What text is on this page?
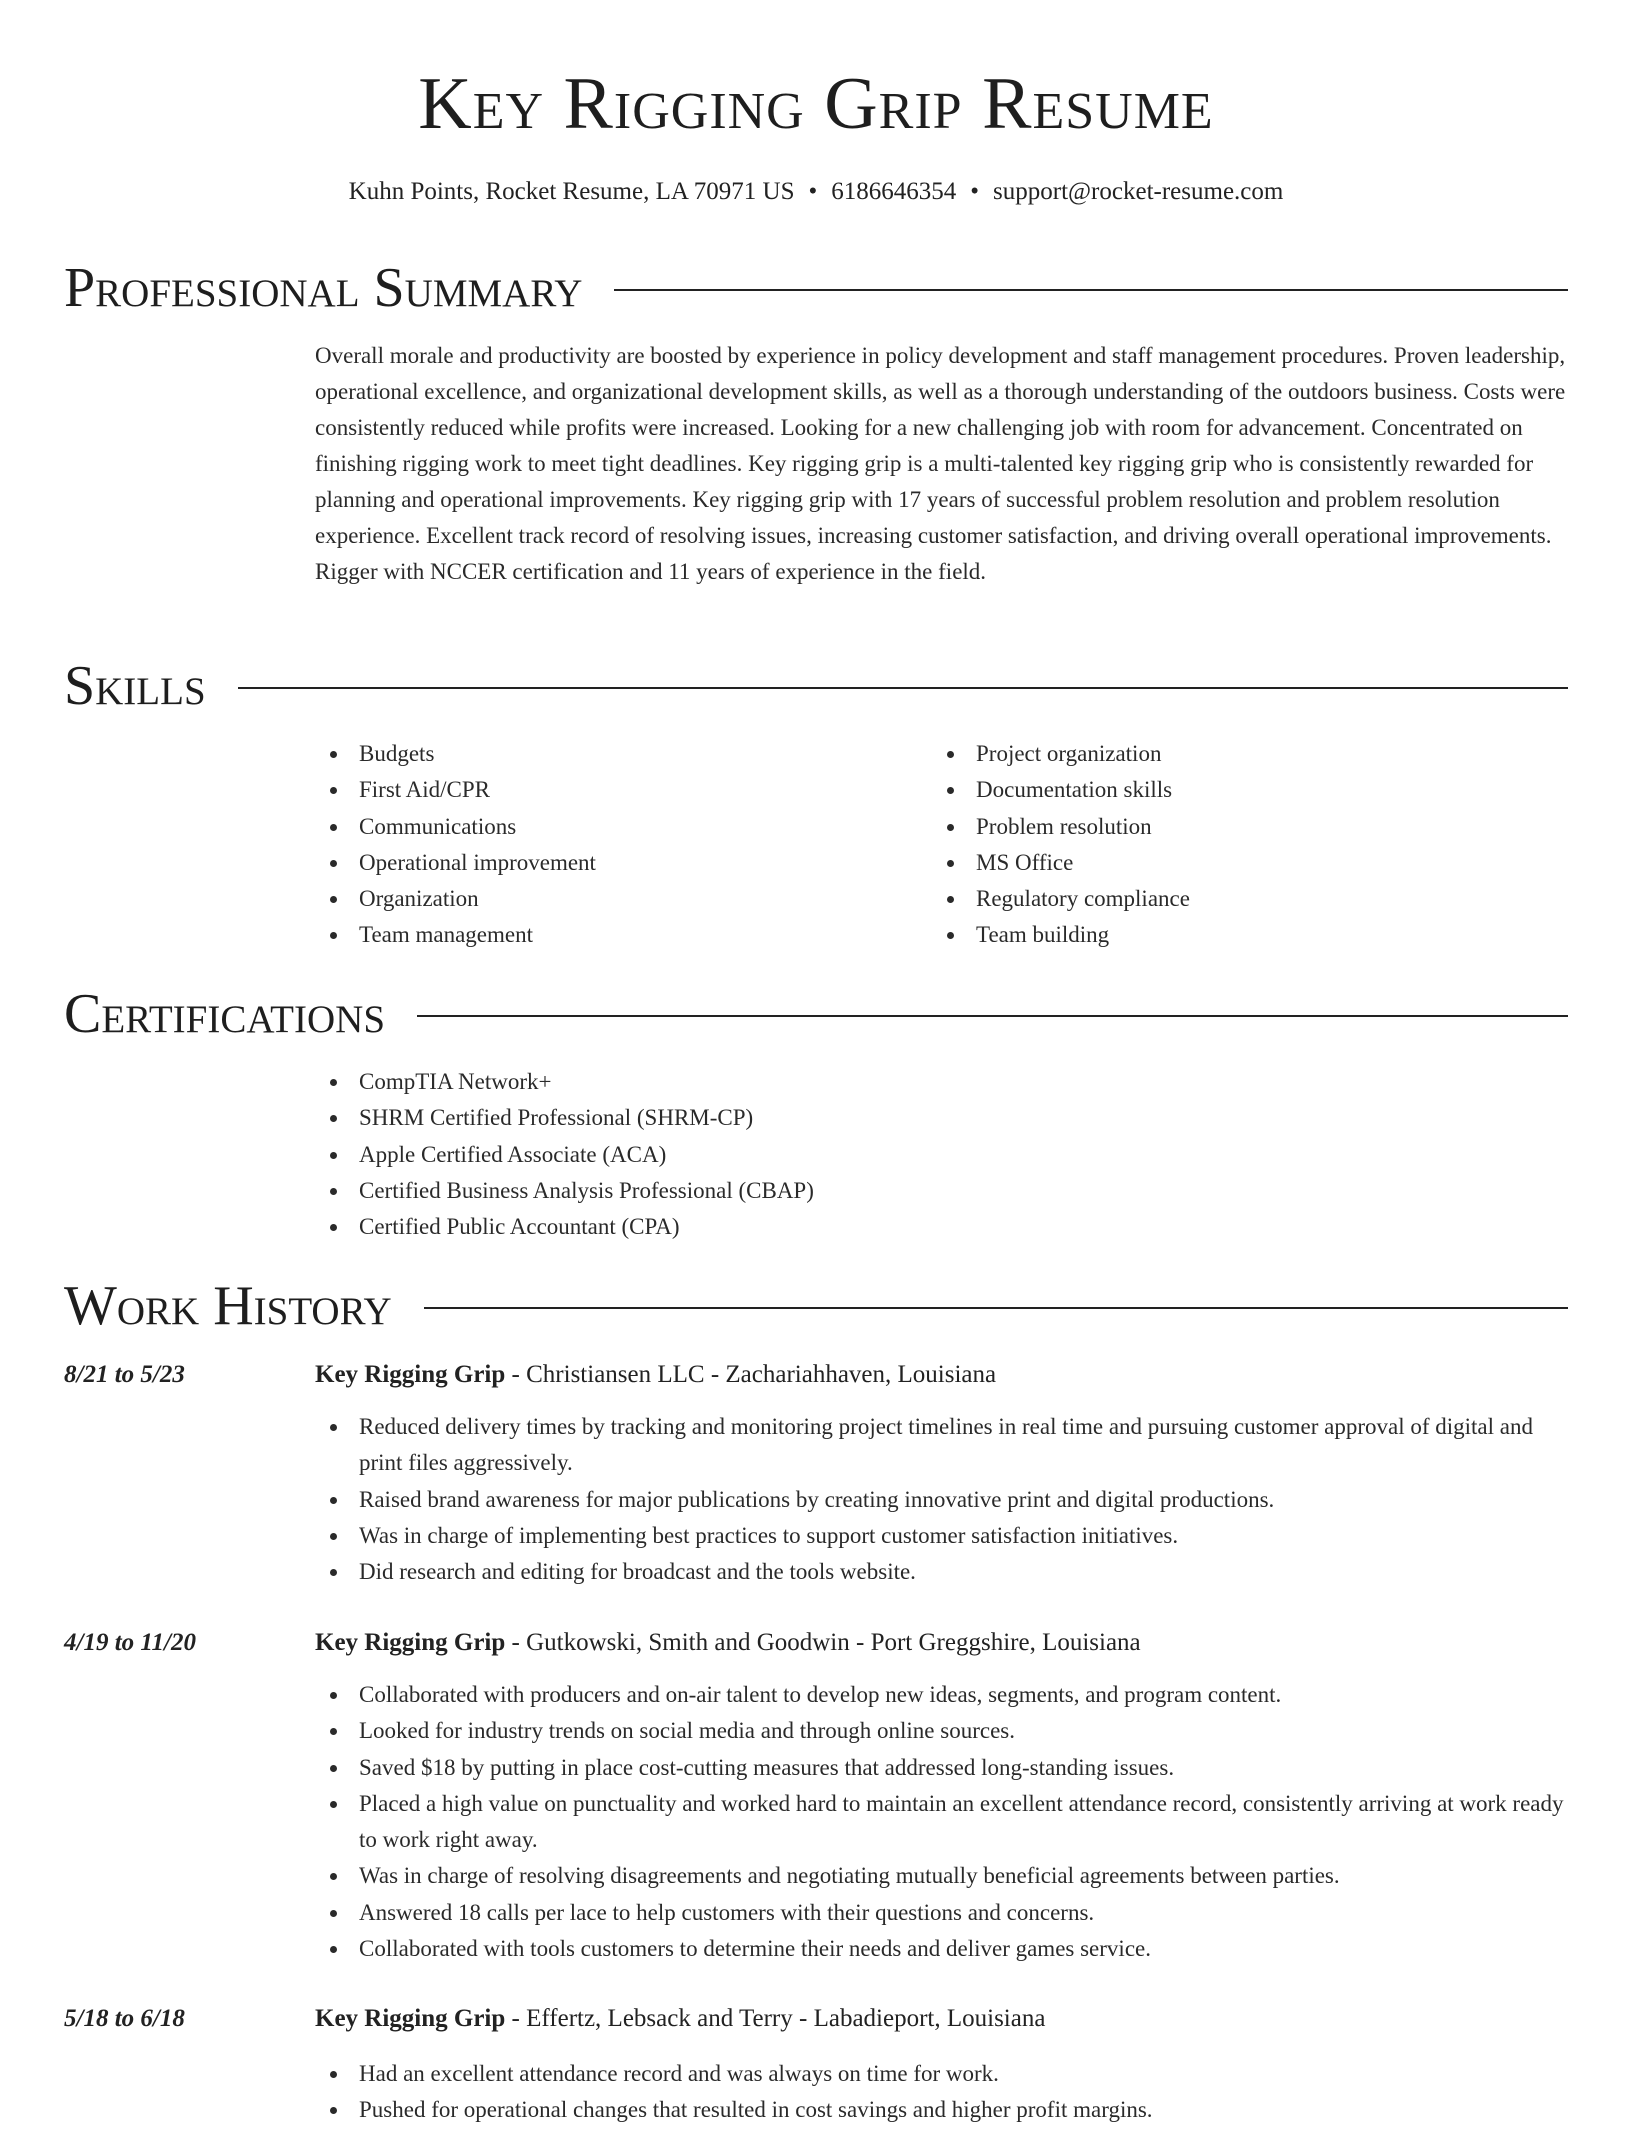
Key Rigging Grip Resume
Kuhn Points, Rocket Resume, LA 70971 US • 6186646354 • support@rocket-resume.com
Professional Summary

Overall morale and productivity are boosted by experience in policy development and staff management procedures. Proven leadership, operational excellence, and organizational development skills, as well as a thorough understanding of the outdoors business. Costs were consistently reduced while profits were increased. Looking for a new challenging job with room for advancement. Concentrated on finishing rigging work to meet tight deadlines. Key rigging grip is a multi-talented key rigging grip who is consistently rewarded for planning and operational improvements. Key rigging grip with 17 years of successful problem resolution and problem resolution experience. Excellent track record of resolving issues, increasing customer satisfaction, and driving overall operational improvements. Rigger with NCCER certification and 11 years of experience in the field.

Skills
Budgets
First Aid/CPR
Communications
Operational improvement
Organization
Team management
Project organization
Documentation skills
Problem resolution
MS Office
Regulatory compliance
Team building
Certifications
CompTIA Network+
SHRM Certified Professional (SHRM-CP)
Apple Certified Associate (ACA)
Certified Business Analysis Professional (CBAP)
Certified Public Accountant (CPA)
Work History
8/21 to 5/23	Key Rigging Grip - Christiansen LLC - Zachariahhaven, Louisiana
Reduced delivery times by tracking and monitoring project timelines in real time and pursuing customer approval of digital and print files aggressively.
Raised brand awareness for major publications by creating innovative print and digital productions.
Was in charge of implementing best practices to support customer satisfaction initiatives.
Did research and editing for broadcast and the tools website.
4/19 to 11/20	Key Rigging Grip - Gutkowski, Smith and Goodwin - Port Greggshire, Louisiana
Collaborated with producers and on-air talent to develop new ideas, segments, and program content.
Looked for industry trends on social media and through online sources.
Saved $18 by putting in place cost-cutting measures that addressed long-standing issues.
Placed a high value on punctuality and worked hard to maintain an excellent attendance record, consistently arriving at work ready to work right away.
Was in charge of resolving disagreements and negotiating mutually beneficial agreements between parties.
Answered 18 calls per lace to help customers with their questions and concerns.
Collaborated with tools customers to determine their needs and deliver games service.
5/18 to 6/18	Key Rigging Grip - Effertz, Lebsack and Terry - Labadieport, Louisiana
Had an excellent attendance record and was always on time for work.
Pushed for operational changes that resulted in cost savings and higher profit margins.
